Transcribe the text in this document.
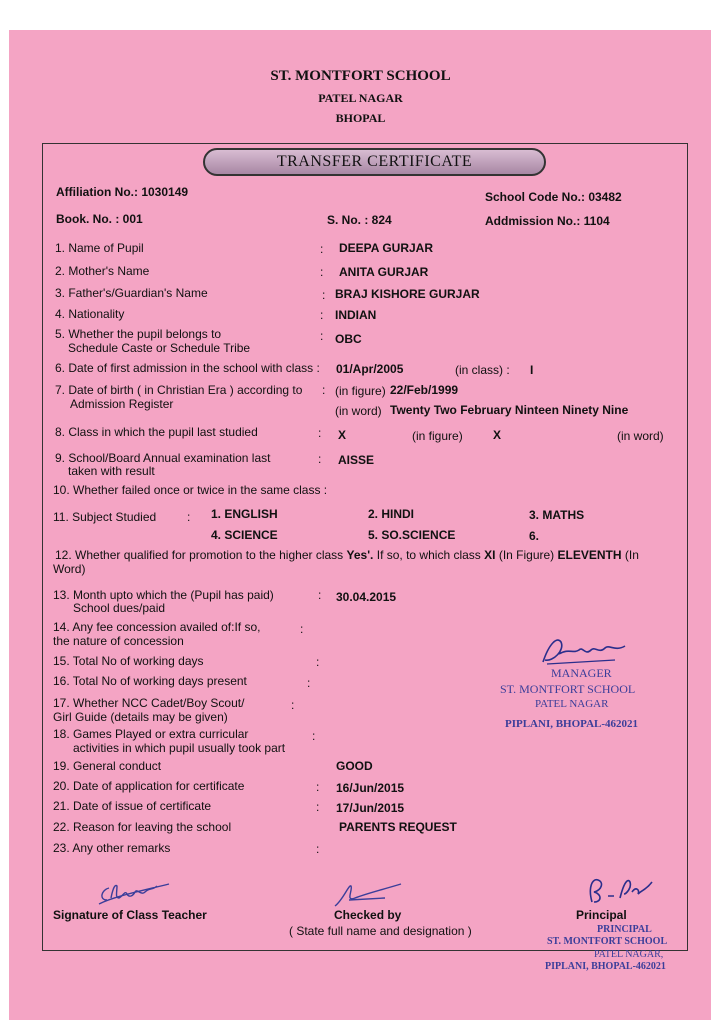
ST. MONTFORT SCHOOL
PATEL NAGAR
BHOPAL
TRANSFER CERTIFICATE
Affiliation No.: 1030149	School Code No.: 03482
Book. No. : 001	S. No. : 824	Addmission No.: 1104
1. Name of Pupil	: DEEPA GURJAR
2. Mother's Name	: ANITA GURJAR
3. Father's/Guardian's Name	: BRAJ KISHORE GURJAR
4. Nationality	: INDIAN
5. Whether the pupil belongs to
Schedule Caste or Schedule Tribe
: OBC
6. Date of first admission in the school with class : 01/Apr/2005	(in class) : I
7. Date of birth ( in Christian Era ) according to
Admission Register
: (in figure) 22/Feb/1999
(in word) Twenty Two February Ninteen Ninety Nine
8. Class in which the pupil last studied	: X	(in figure)	X	(in word)
9. School/Board Annual examination last
taken with result
: AISSE
10. Whether failed once or twice in the same class :
11. Subject Studied	: 1. ENGLISH	2. HINDI	3. MATHS
4. SCIENCE	5. SO.SCIENCE	6.
12. Whether qualified for promotion to the higher class Yes'. If so, to which class XI (In Figure) ELEVENTH (In
Word)
13. Month upto which the (Pupil has paid)
School dues/paid
: 30.04.2015
14. Any fee concession availed of:If so,
the nature of concession
:
15. Total No of working days	:
16. Total No of working days present	:
17. Whether NCC Cadet/Boy Scout/
Girl Guide (details may be given)
:
18. Games Played or extra curricular
activities in which pupil usually took part
:
19. General conduct	GOOD
20. Date of application for certificate	: 16/Jun/2015
21. Date of issue of certificate	: 17/Jun/2015
22. Reason for leaving the school	PARENTS REQUEST
23. Any other remarks	:
MANAGER
ST. MONTFORT SCHOOL
PATEL NAGAR
PIPLANI, BHOPAL-462021
Signature of Class Teacher	Checked by
( State full name and designation )
Principal
PRINCIPAL
ST. MONTFORT SCHOOL
PATEL NAGAR,
PIPLANI, BHOPAL-462021
